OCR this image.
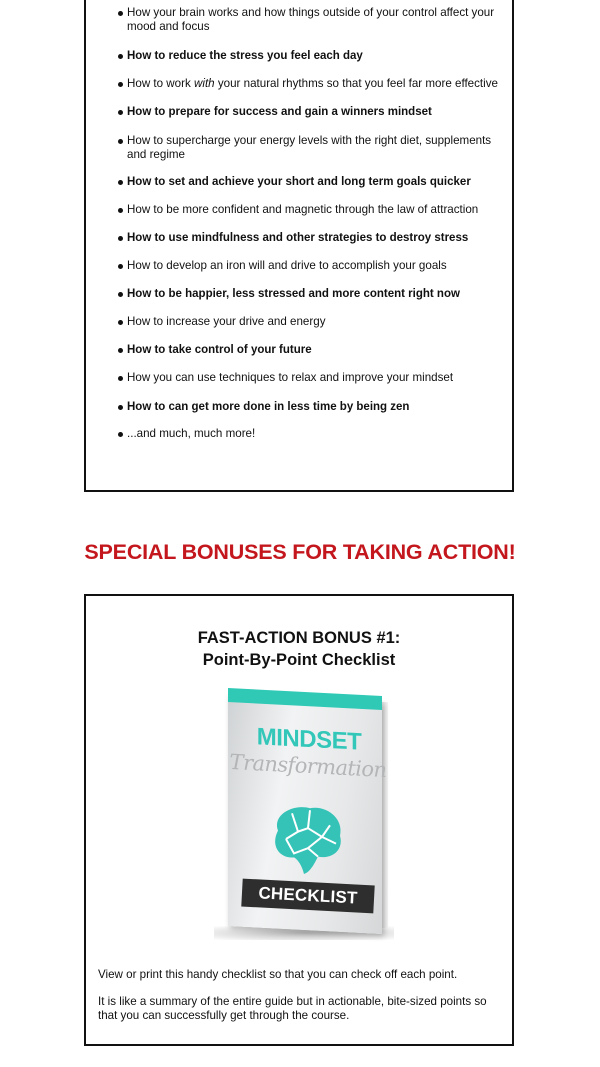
How your brain works and how things outside of your control affect your mood and focus
How to reduce the stress you feel each day
How to work with your natural rhythms so that you feel far more effective
How to prepare for success and gain a winners mindset
How to supercharge your energy levels with the right diet, supplements and regime
How to set and achieve your short and long term goals quicker
How to be more confident and magnetic through the law of attraction
How to use mindfulness and other strategies to destroy stress
How to develop an iron will and drive to accomplish your goals
How to be happier, less stressed and more content right now
How to increase your drive and energy
How to take control of your future
How you can use techniques to relax and improve your mindset
How to can get more done in less time by being zen
...and much, much more!
SPECIAL BONUSES FOR TAKING ACTION!
FAST-ACTION BONUS #1:
Point-By-Point Checklist
MINDSET
Transformation
CHECKLIST
View or print this handy checklist so that you can check off each point.
It is like a summary of the entire guide but in actionable, bite-sized points so that you can successfully get through the course.
